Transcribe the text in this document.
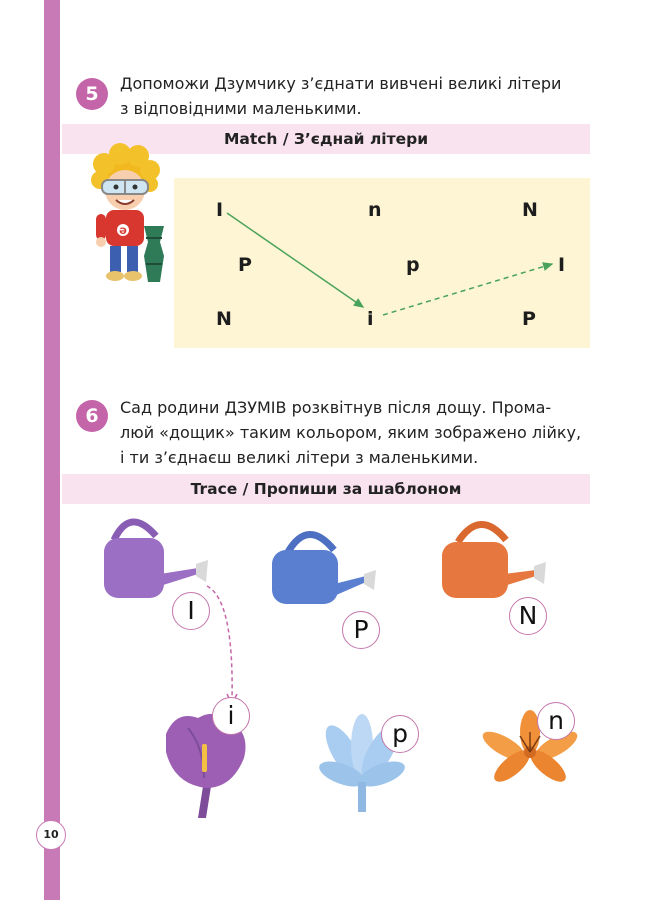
5	Допоможи Дзумчику з’єднати вивчені великі літери
з відповідними маленькими.
Match / З’єднай літери
Ə
I	n	N
P	p	I
N	i	P
6	Сад родини ДЗУМІВ розквітнув після дощу. Прома-
люй «дощик» таким кольором, яким зображено лійку,
і ти з’єднаєш великі літери з маленькими.
Trace / Пропиши за шаблоном
I
P	N
i
p	n
10
